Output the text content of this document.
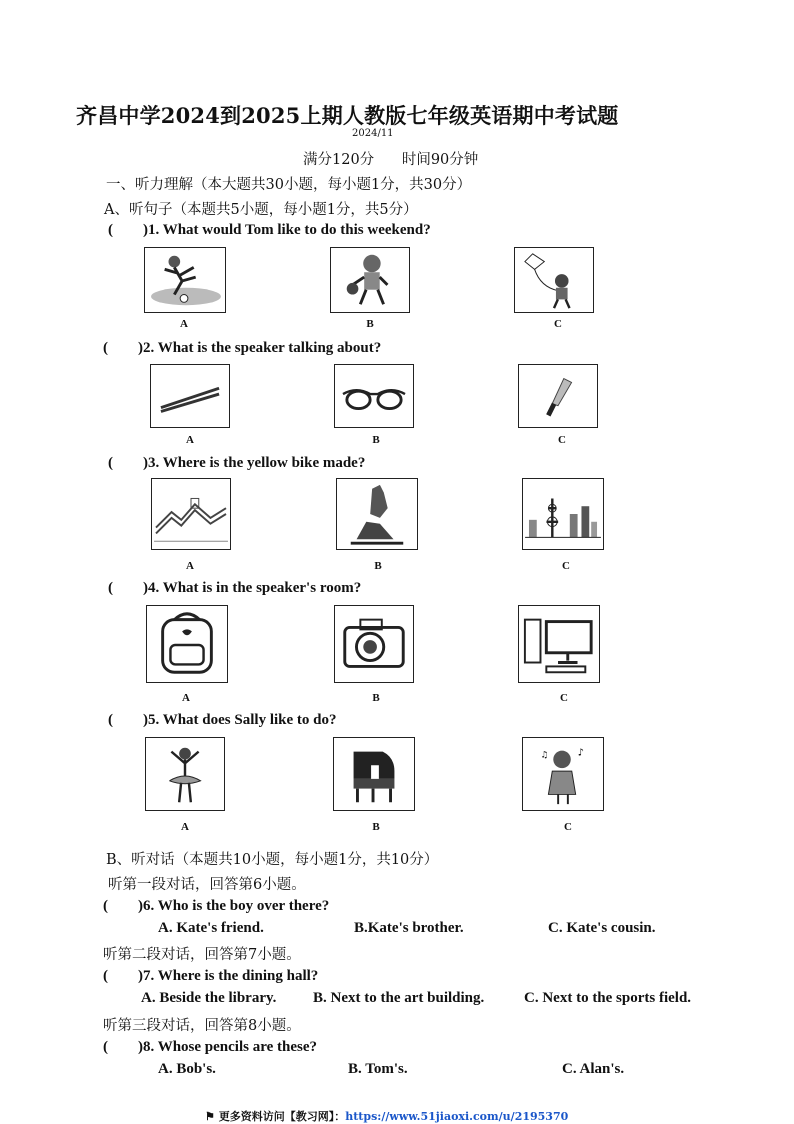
齐昌中学2024到2025上期人教版七年级英语期中考试题
2024/11
满分120分      时间90分钟
一、听力理解（本大题共30小题，每小题1分，共30分）
A、听句子（本题共5小题，每小题1分，共5分）
(        )1. What would Tom like to do this weekend?
A	B	C
(        )2. What is the speaker talking about?
A	B	C
(        )3. Where is the yellow bike made?
A	B	C
(        )4. What is in the speaker's room?
A	B	C
(        )5. What does Sally like to do?
♪
♫
A	B	C
B、听对话（本题共10小题，每小题1分，共10分）
听第一段对话，回答第6小题。
(        )6. Who is the boy over there?
A. Kate's friend.	B.Kate's brother.	C. Kate's cousin.
听第二段对话，回答第7小题。
(        )7. Where is the dining hall?
A. Beside the library. B. Next to the art building.	C. Next to the sports field.
听第三段对话，回答第8小题。
(        )8. Whose pencils are these?
A. Bob's.	B. Tom's.	C. Alan's.
⚑ 更多资料访问【教习网】：https://www.51jiaoxi.com/u/2195370
